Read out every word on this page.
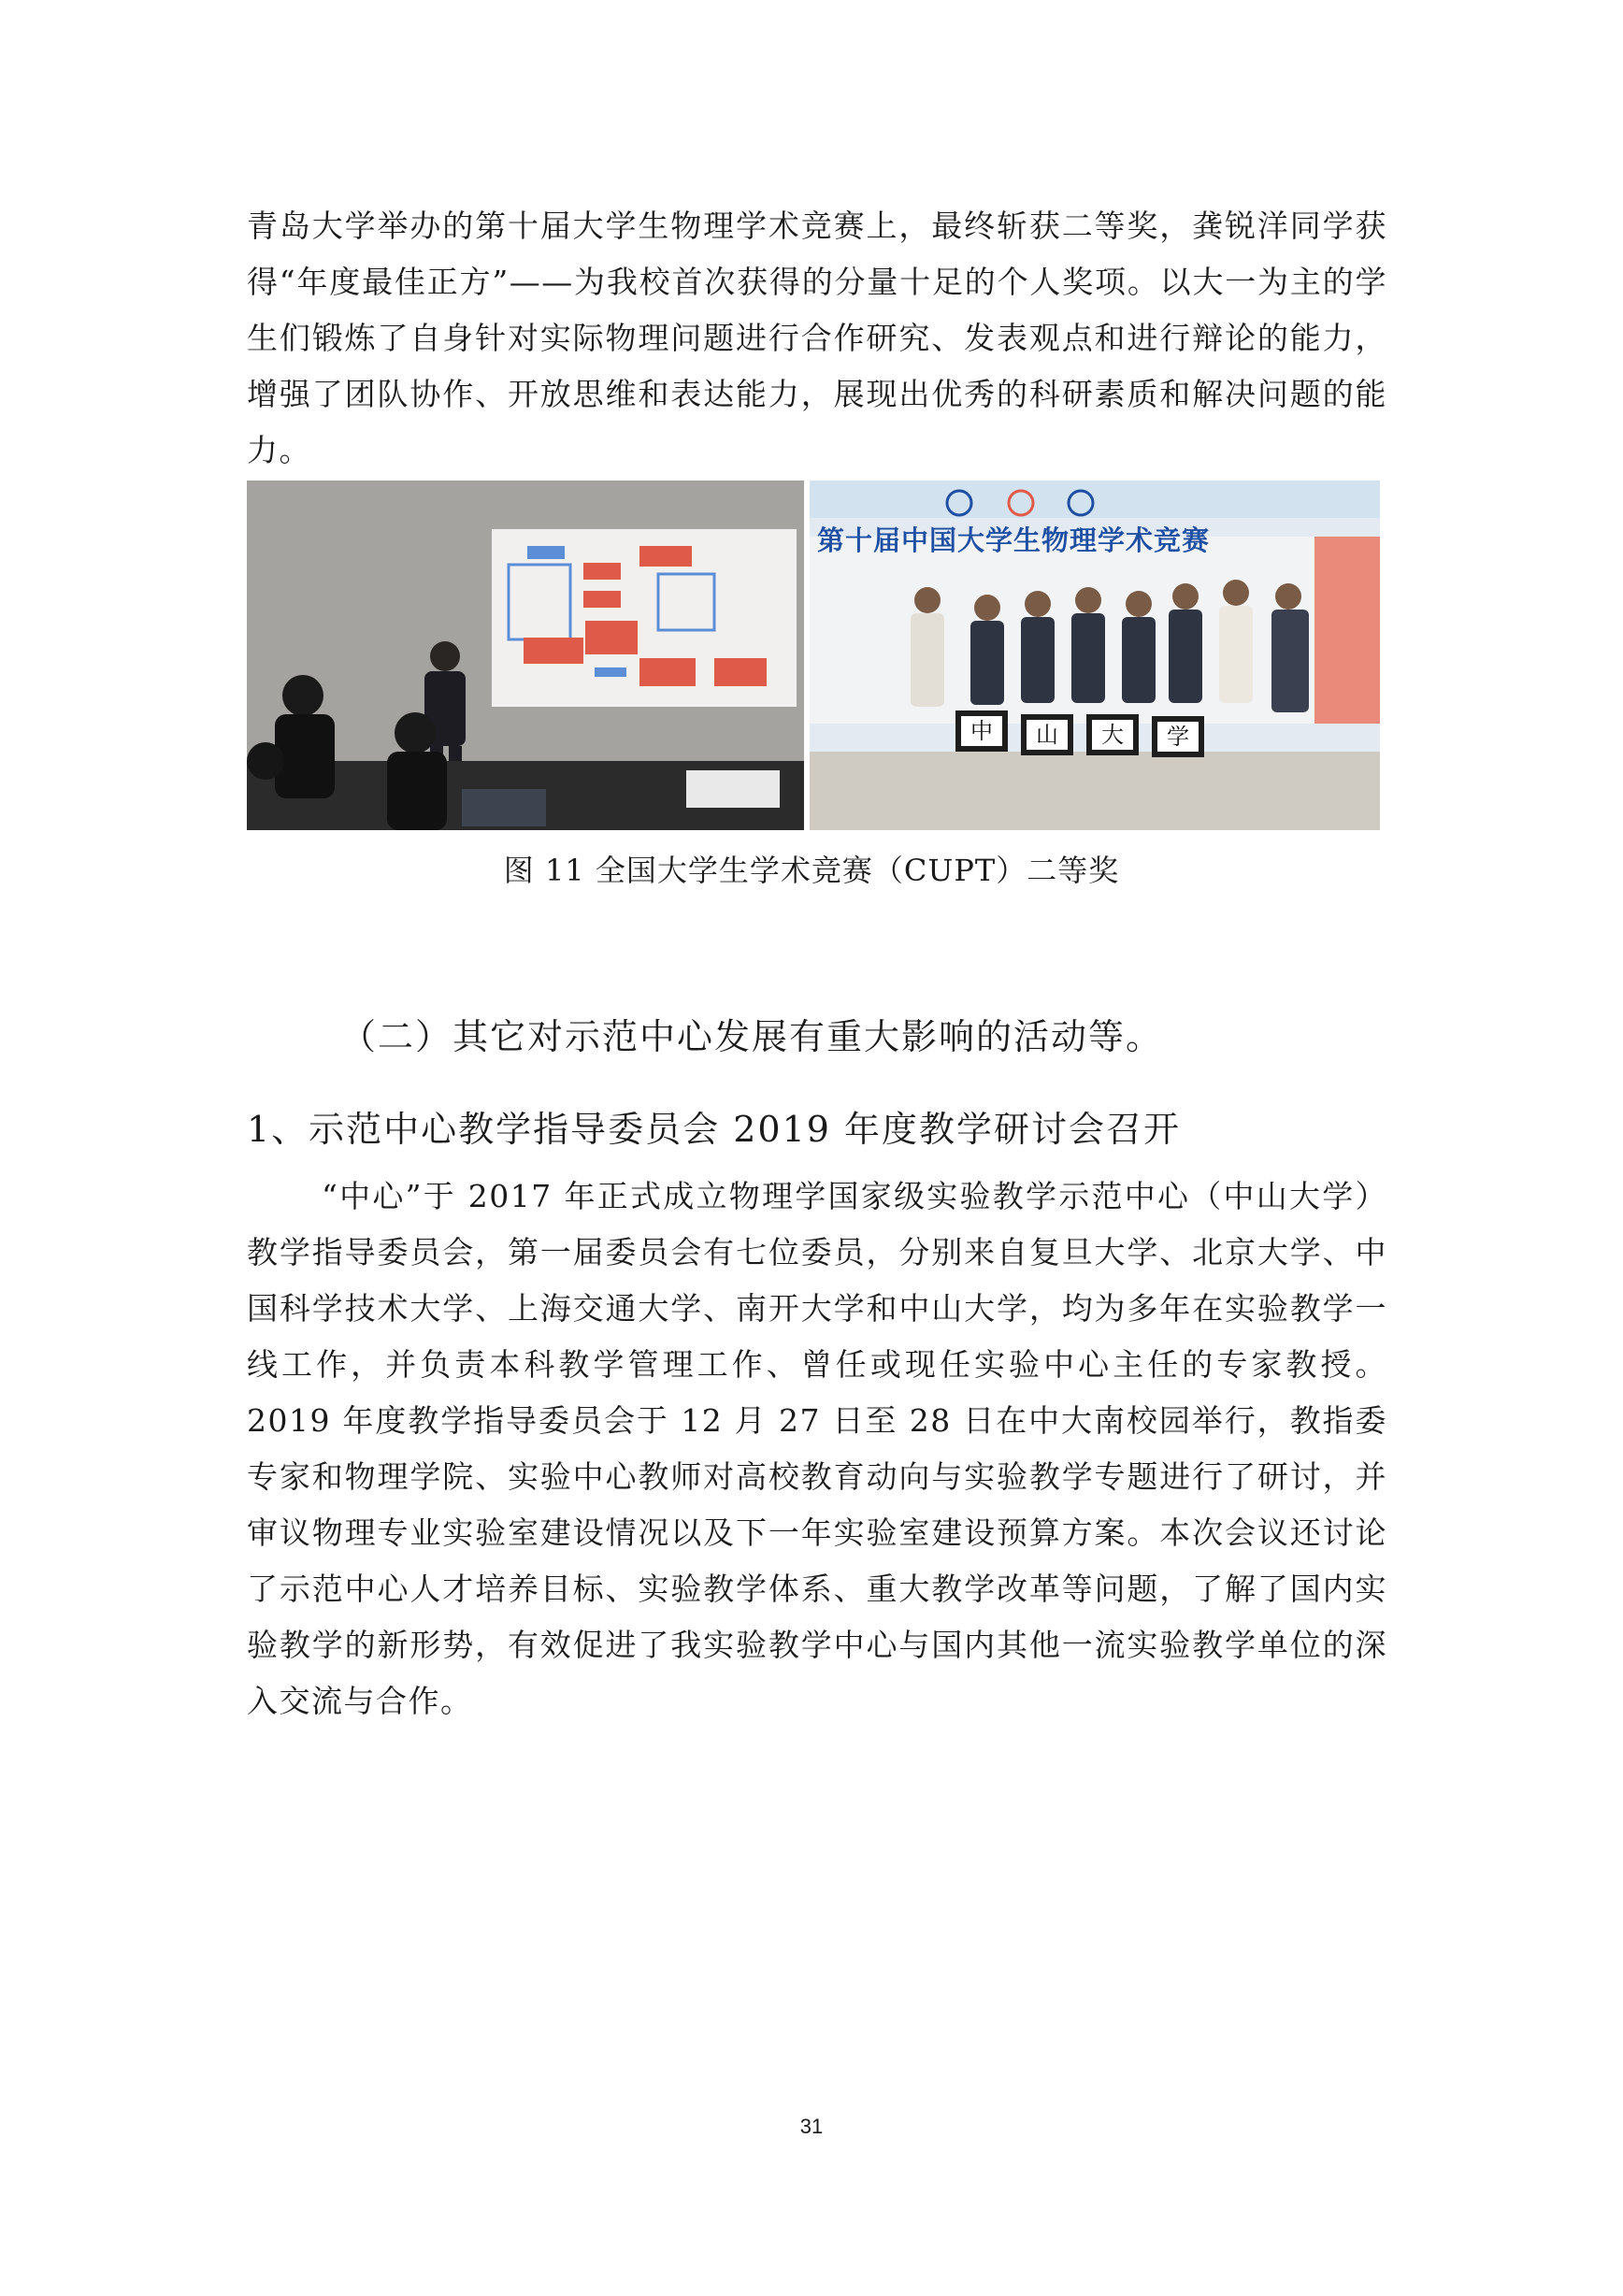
青岛大学举办的第十届大学生物理学术竞赛上，最终斩获二等奖，龚锐洋同学获得“年度最佳正方”——为我校首次获得的分量十足的个人奖项。以大一为主的学生们锻炼了自身针对实际物理问题进行合作研究、发表观点和进行辩论的能力，增强了团队协作、开放思维和表达能力，展现出优秀的科研素质和解决问题的能力。

第十届中国大学生物理学术竞赛
中	山	大	学

图 11 全国大学生学术竞赛（CUPT）二等奖

（二）其它对示范中心发展有重大影响的活动等。
1、示范中心教学指导委员会 2019 年度教学研讨会召开

“中心”于 2017 年正式成立物理学国家级实验教学示范中心（中山大学）教学指导委员会，第一届委员会有七位委员，分别来自复旦大学、北京大学、中国科学技术大学、上海交通大学、南开大学和中山大学，均为多年在实验教学一线工作，并负责本科教学管理工作、曾任或现任实验中心主任的专家教授。2019 年度教学指导委员会于 12 月 27 日至 28 日在中大南校园举行，教指委专家和物理学院、实验中心教师对高校教育动向与实验教学专题进行了研讨，并审议物理专业实验室建设情况以及下一年实验室建设预算方案。本次会议还讨论了示范中心人才培养目标、实验教学体系、重大教学改革等问题，了解了国内实验教学的新形势，有效促进了我实验教学中心与国内其他一流实验教学单位的深入交流与合作。

31
